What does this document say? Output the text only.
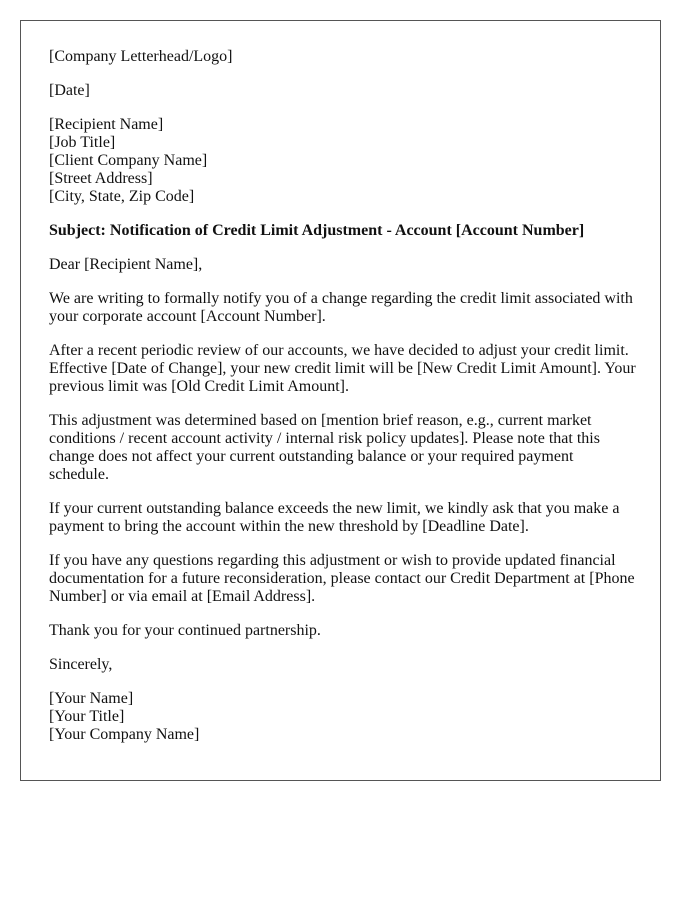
[Company Letterhead/Logo]

[Date]

[Recipient Name]
[Job Title]
[Client Company Name]
[Street Address]
[City, State, Zip Code]

Subject: Notification of Credit Limit Adjustment - Account [Account Number]

Dear [Recipient Name],

We are writing to formally notify you of a change regarding the credit limit associated with your corporate account [Account Number].

After a recent periodic review of our accounts, we have decided to adjust your credit limit. Effective [Date of Change], your new credit limit will be [New Credit Limit Amount]. Your previous limit was [Old Credit Limit Amount].

This adjustment was determined based on [mention brief reason, e.g., current market conditions / recent account activity / internal risk policy updates]. Please note that this change does not affect your current outstanding balance or your required payment schedule.

If your current outstanding balance exceeds the new limit, we kindly ask that you make a payment to bring the account within the new threshold by [Deadline Date].

If you have any questions regarding this adjustment or wish to provide updated financial documentation for a future reconsideration, please contact our Credit Department at [Phone Number] or via email at [Email Address].

Thank you for your continued partnership.

Sincerely,

[Your Name]
[Your Title]
[Your Company Name]
